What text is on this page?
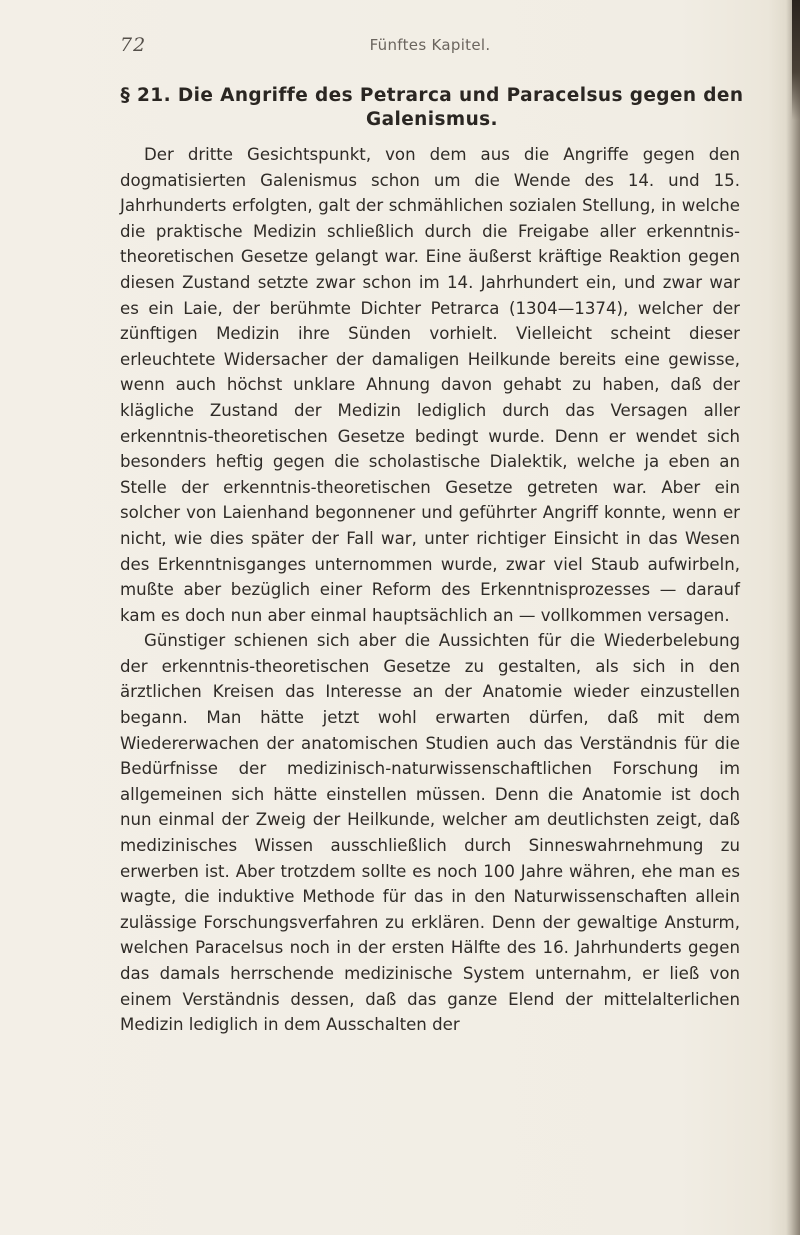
72	Fünftes Kapitel.
§ 21. Die Angriffe des Petrarca und Paracelsus gegen den
Galenismus.

Der dritte Gesichtspunkt, von dem aus die Angriffe gegen den dogmatisierten Galenismus schon um die Wende des 14. und 15. Jahrhunderts erfolgten, galt der schmählichen sozialen Stellung, in welche die praktische Medizin schließlich durch die Freigabe aller erkenntnis-theoretischen Gesetze gelangt war. Eine äußerst kräftige Reaktion gegen diesen Zustand setzte zwar schon im 14. Jahrhundert ein, und zwar war es ein Laie, der berühmte Dichter Petrarca (1304—1374), welcher der zünftigen Medizin ihre Sünden vorhielt. Vielleicht scheint dieser erleuchtete Widersacher der damaligen Heilkunde bereits eine gewisse, wenn auch höchst unklare Ahnung davon gehabt zu haben, daß der klägliche Zustand der Medizin lediglich durch das Versagen aller erkenntnis-theoretischen Gesetze bedingt wurde. Denn er wendet sich besonders heftig gegen die scholastische Dialektik, welche ja eben an Stelle der erkenntnis-theoretischen Gesetze getreten war. Aber ein solcher von Laienhand begonnener und geführter Angriff konnte, wenn er nicht, wie dies später der Fall war, unter richtiger Einsicht in das Wesen des Erkenntnisganges unternommen wurde, zwar viel Staub aufwirbeln, mußte aber bezüglich einer Reform des Erkenntnisprozesses — darauf kam es doch nun aber einmal hauptsächlich an — vollkommen versagen.

Günstiger schienen sich aber die Aussichten für die Wiederbelebung der erkenntnis-theoretischen Gesetze zu gestalten, als sich in den ärztlichen Kreisen das Interesse an der Anatomie wieder einzustellen begann. Man hätte jetzt wohl erwarten dürfen, daß mit dem Wiedererwachen der anatomischen Studien auch das Verständnis für die Bedürfnisse der medizinisch-naturwissenschaftlichen Forschung im allgemeinen sich hätte einstellen müssen. Denn die Anatomie ist doch nun einmal der Zweig der Heilkunde, welcher am deutlichsten zeigt, daß medizinisches Wissen ausschließlich durch Sinneswahrnehmung zu erwerben ist. Aber trotzdem sollte es noch 100 Jahre währen, ehe man es wagte, die induktive Methode für das in den Naturwissenschaften allein zulässige Forschungsverfahren zu erklären. Denn der gewaltige Ansturm, welchen Paracelsus noch in der ersten Hälfte des 16. Jahrhunderts gegen das damals herrschende medizinische System unternahm, er ließ von einem Verständnis dessen, daß das ganze Elend der mittelalterlichen Medizin lediglich in dem Ausschalten der
